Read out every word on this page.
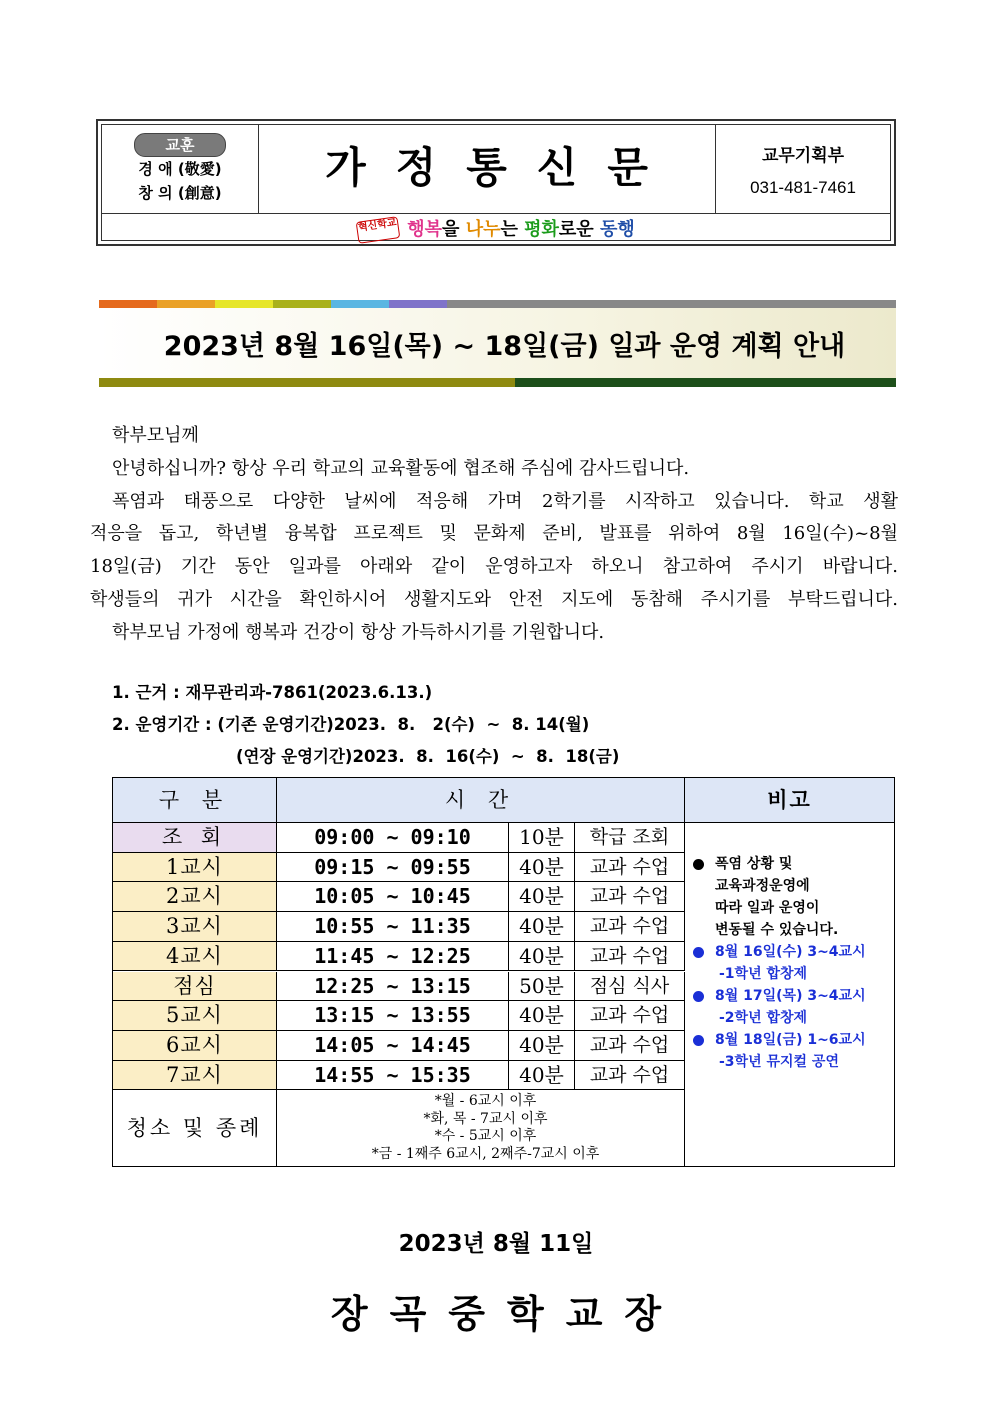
교훈
경 애 (敬愛)
창 의 (創意)
가정통신문	교무기획부
031-481-7461
혁신학교 행복을 나누는 평화로운 동행
2023년 8월 16일(목) ~ 18일(금) 일과 운영 계획 안내

학부모님께

안녕하십니까? 항상 우리 학교의 교육활동에 협조해 주심에 감사드립니다.

폭염과 태풍으로 다양한 날씨에 적응해 가며 2학기를 시작하고 있습니다. 학교 생활

적응을 돕고, 학년별 융복합 프로젝트 및 문화제 준비, 발표를 위하여 8월 16일(수)~8월

18일(금) 기간 동안 일과를 아래와 같이 운영하고자 하오니 참고하여 주시기 바랍니다.

학생들의 귀가 시간을 확인하시어 생활지도와 안전 지도에 동참해 주시기를 부탁드립니다.

학부모님 가정에 행복과 건강이 항상 가득하시기를 기원합니다.

1. 근거 : 재무관리과-7861(2023.6.13.)
2. 운영기간 : (기존 운영기간)2023.  8.   2(수)  ~  8. 14(월)
(연장 운영기간)2023.  8.  16(수)  ~  8.  18(금)
구 분	시 간	비고
조 회	09:00 ~ 09:10	10분	학급 조회
1교시	09:15 ~ 09:55	40분	교과 수업
2교시	10:05 ~ 10:45	40분	교과 수업
3교시	10:55 ~ 11:35	40분	교과 수업
4교시	11:45 ~ 12:25	40분	교과 수업
점심	12:25 ~ 13:15	50분	점심 식사
5교시	13:15 ~ 13:55	40분	교과 수업
6교시	14:05 ~ 14:45	40분	교과 수업
7교시	14:55 ~ 15:35	40분	교과 수업
청소 및 종례
*월 - 6교시 이후
*화, 목 - 7교시 이후
*수 - 5교시 이후
*금 - 1째주 6교시, 2째주-7교시 이후
폭염 상황 및
교육과정운영에
따라 일과 운영이
변동될 수 있습니다.
8월 16일(수) 3~4교시
-1학년 합창제
8월 17일(목) 3~4교시
-2학년 합창제
8월 18일(금) 1~6교시
-3학년 뮤지컬 공연
2023년 8월 11일
장곡중학교장
